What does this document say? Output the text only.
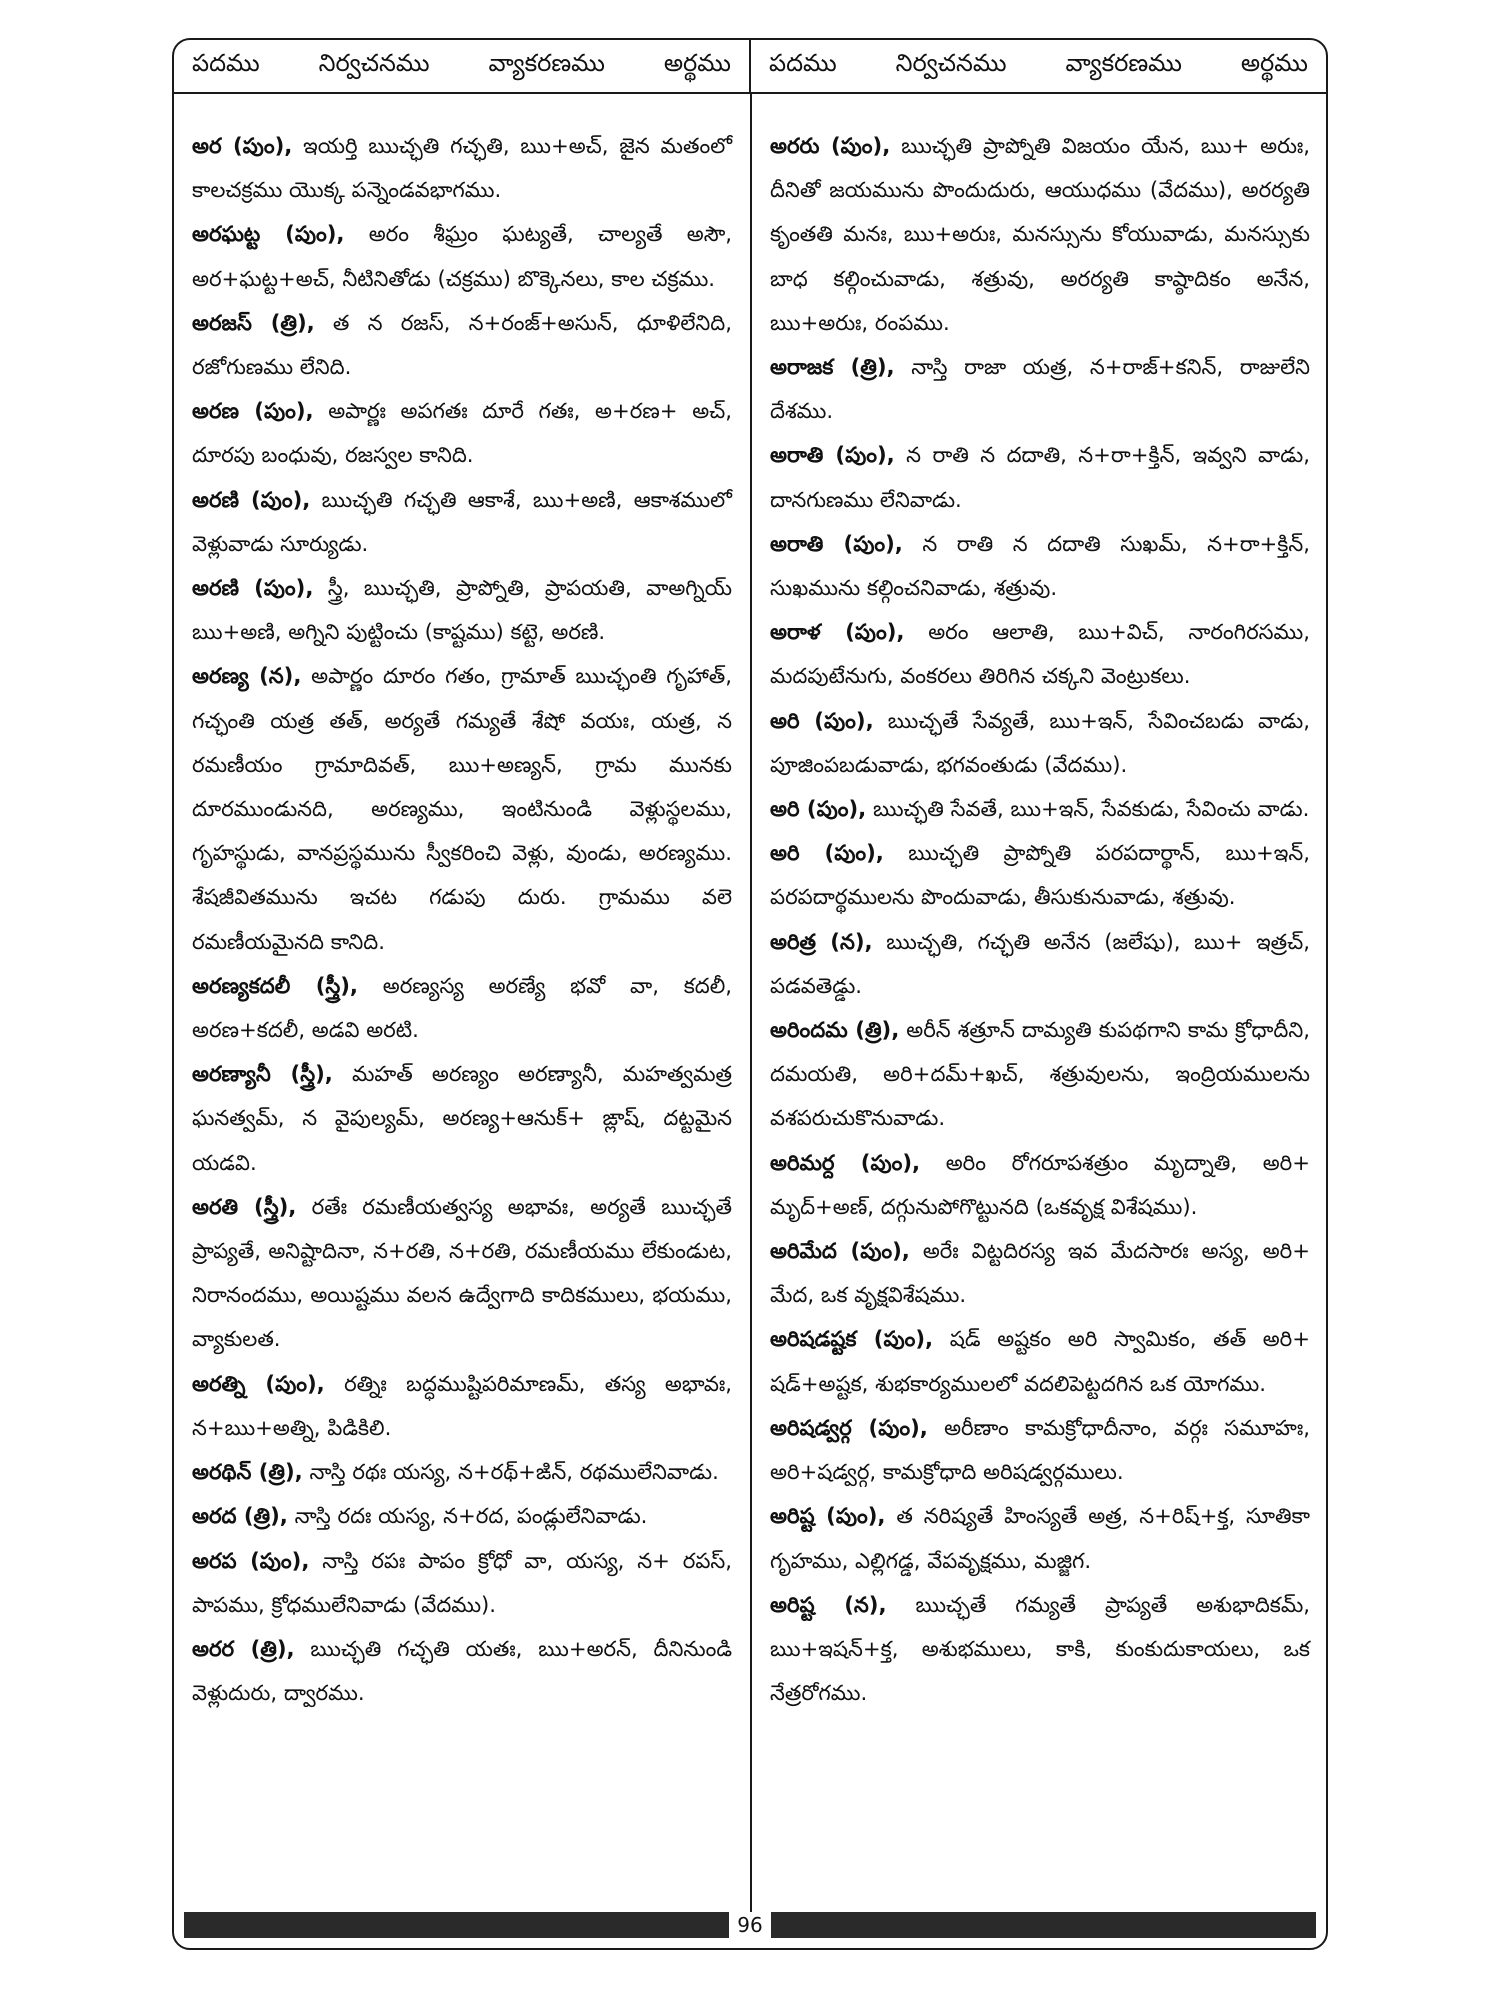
పదము నిర్వచనము వ్యాకరణము అర్థము పదము నిర్వచనము వ్యాకరణము అర్థము
అర (పుం), ఇయర్తి ఋచ్ఛతి గచ్ఛతి, ఋ+అచ్, జైన మతంలో కాలచక్రము యొక్క పన్నెండవభాగము.
అరఘట్ట (పుం), అరం శీఘ్రం ఘట్యతే, చాల్యతే అసౌ, అర+ఘట్ట+అచ్, నీటినితోడు (చక్రము) బొక్కెనలు, కాల చక్రము.
అరజస్ (త్రి), త న రజస్, న+రంజ్+అసున్, ధూళిలేనిది, రజోగుణము లేనిది.
అరణ (పుం), అపార్ణః అపగతః దూరే గతః, అ+రణ+ అచ్, దూరపు బంధువు, రజస్వల కానిది.
అరణి (పుం), ఋచ్ఛతి గచ్ఛతి ఆకాశే, ఋ+అణి, ఆకాశములో వెళ్లువాడు సూర్యుడు.
అరణి (పుం), స్త్రీ, ఋచ్ఛతి, ప్రాప్నోతి, ప్రాపయతి, వాఅగ్నియ్ ఋ+అణి, అగ్నిని పుట్టించు (కాష్టము) కట్టె, అరణి.
అరణ్య (న), అపార్ణం దూరం గతం, గ్రామాత్ ఋచ్ఛంతి గృహాత్, గచ్ఛంతి యత్ర తత్, అర్యతే గమ్యతే శేషో వయః, యత్ర, న రమణీయం గ్రామాదివత్, ఋ+అణ్యన్, గ్రామ మునకు దూరముండునది, అరణ్యము, ఇంటినుండి వెళ్లుస్థలము, గృహస్థుడు, వానప్రస్థమును స్వీకరించి వెళ్లు, వుండు, అరణ్యము. శేషజీవితమును ఇచట గడుపు దురు. గ్రామము వలె రమణీయమైనది కానిది.
అరణ్యకదలీ (స్త్రీ), అరణ్యస్య అరణ్యే భవో వా, కదలీ, అరణ+కదలీ, అడవి అరటి.
అరణ్యానీ (స్త్రీ), మహత్ అరణ్యం అరణ్యానీ, మహత్వమత్ర ఘనత్వమ్, న వైపుల్యమ్, అరణ్య+ఆనుక్+ ఙ్లాష్, దట్టమైన యడవి.
అరతి (స్త్రీ), రతేః రమణీయత్వస్య అభావః, అర్యతే ఋచ్ఛతే ప్రాప్యతే, అనిష్టాదినా, న+రతి, న+రతి, రమణీయము లేకుండుట, నిరానందము, అయిష్టము వలన ఉద్వేగాది కాదికములు, భయము, వ్యాకులత.
అరత్ని (పుం), రత్నిః బద్ధముష్టిపరిమాణమ్, తస్య అభావః, న+ఋ+అత్ని, పిడికిలి.
అరథిన్ (త్రి), నాస్తి రథః యస్య, న+రథ్+ఙిన్, రథములేనివాడు.
అరద (త్రి), నాస్తి రదః యస్య, న+రద, పండ్లులేనివాడు.
అరప (పుం), నాస్తి రపః పాపం క్రోధో వా, యస్య, న+ రపస్, పాపము, క్రోధములేనివాడు (వేదము).
అరర (త్రి), ఋచ్ఛతి గచ్ఛతి యతః, ఋ+అరన్, దీనినుండి వెళ్లుదురు, ద్వారము.
అరరు (పుం), ఋచ్ఛతి ప్రాప్నోతి విజయం యేన, ఋ+ అరుః, దీనితో జయమును పొందుదురు, ఆయుధము (వేదము), అరర్యతి కృంతతి మనః, ఋ+అరుః, మనస్సును కోయువాడు, మనస్సుకు బాధ కల్గించువాడు, శత్రువు, అరర్యతి కాష్ఠాదికం అనేన, ఋ+అరుః, రంపము.
అరాజక (త్రి), నాస్తి రాజా యత్ర, న+రాజ్+కనిన్, రాజులేని దేశము.
అరాతి (పుం), న రాతి న దదాతి, న+రా+క్తిన్, ఇవ్వని వాడు, దానగుణము లేనివాడు.
అరాతి (పుం), న రాతి న దదాతి సుఖమ్, న+రా+క్తిన్, సుఖమును కల్గించనివాడు, శత్రువు.
అరాళ (పుం), అరం ఆలాతి, ఋ+విచ్, నారంగిరసము, మదపుటేనుగు, వంకరలు తిరిగిన చక్కని వెంట్రుకలు.
అరి (పుం), ఋచ్ఛతే సేవ్యతే, ఋ+ఇన్, సేవించబడు వాడు, పూజింపబడువాడు, భగవంతుడు (వేదము).
అరి (పుం), ఋచ్ఛతి సేవతే, ఋ+ఇన్, సేవకుడు, సేవించు వాడు.
అరి (పుం), ఋచ్ఛతి ప్రాప్నోతి పరపదార్థాన్, ఋ+ఇన్, పరపదార్థములను పొందువాడు, తీసుకునువాడు, శత్రువు.
అరిత్ర (న), ఋచ్ఛతి, గచ్ఛతి అనేన (జలేషు), ఋ+ ఇత్రచ్, పడవతెడ్డు.
అరిందమ (త్రి), అరీన్ శత్రూన్ దామ్యతి కుపథగాని కామ క్రోధాదీని, దమయతి, అరి+దమ్+ఖచ్, శత్రువులను, ఇంద్రియములను వశపరుచుకొనువాడు.
అరిమర్ద (పుం), అరిం రోగరూపశత్రుం మృద్నాతి, అరి+ మృద్+అణ్, దగ్గునుపోగొట్టునది (ఒకవృక్ష విశేషము).
అరిమేద (పుం), అరేః విట్టదిరస్య ఇవ మేదసారః అస్య, అరి+ మేద, ఒక వృక్షవిశేషము.
అరిషడష్టక (పుం), షడ్ అష్టకం అరి స్వామికం, తత్ అరి+ షడ్+అష్టక, శుభకార్యములలో వదలిపెట్టదగిన ఒక యోగము.
అరిషడ్వర్గ (పుం), అరీణాం కామక్రోధాదీనాం, వర్గః సమూహః, అరి+షడ్వర్గ, కామక్రోధాది అరిషడ్వర్గములు.
అరిష్ట (పుం), త నరిష్యతే హింస్యతే అత్ర, న+రిష్+క్త, సూతికా గృహము, ఎల్లిగడ్డ, వేపవృక్షము, మజ్జిగ.
అరిష్ట (న), ఋచ్ఛతే గమ్యతే ప్రాప్యతే అశుభాదికమ్, ఋ+ఇషన్+క్త, అశుభములు, కాకి, కుంకుదుకాయలు, ఒక నేత్రరోగము.
96
